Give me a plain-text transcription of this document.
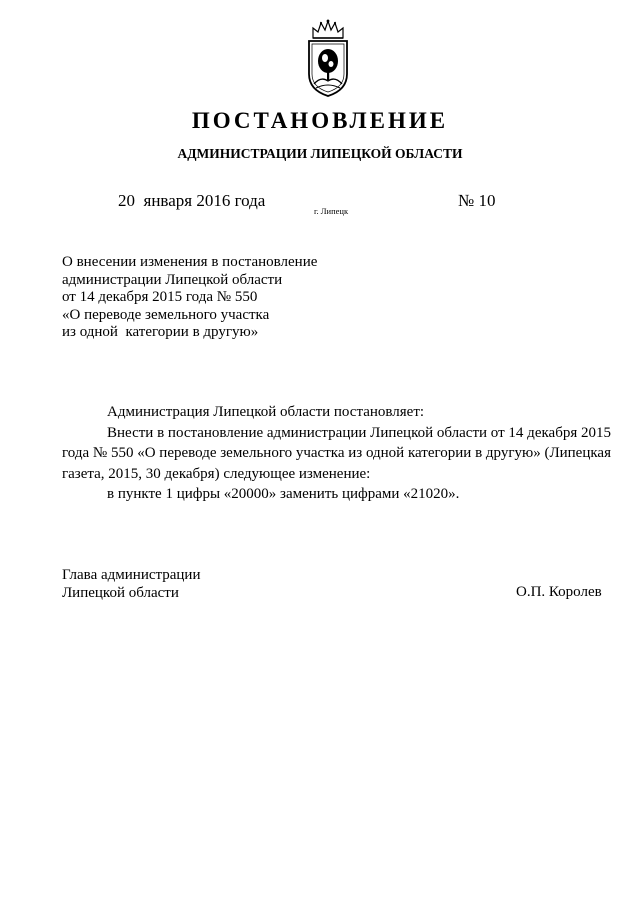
ПОСТАНОВЛЕНИЕ
АДМИНИСТРАЦИИ ЛИПЕЦКОЙ ОБЛАСТИ
20  января 2016 года
г. Липецк
№ 10
О внесении изменения в постановление
администрации Липецкой области
от 14 декабря 2015 года № 550
«О переводе земельного участка
из одной  категории в другую»

Администрация Липецкой области постановляет:

Внести в постановление администрации Липецкой области от 14 декабря 2015 года № 550 «О переводе земельного участка из одной категории в другую» (Липецкая газета, 2015, 30 декабря) следующее изменение:

в пункте 1 цифры «20000» заменить цифрами «21020».

Глава администрации
Липецкой области	О.П. Королев
